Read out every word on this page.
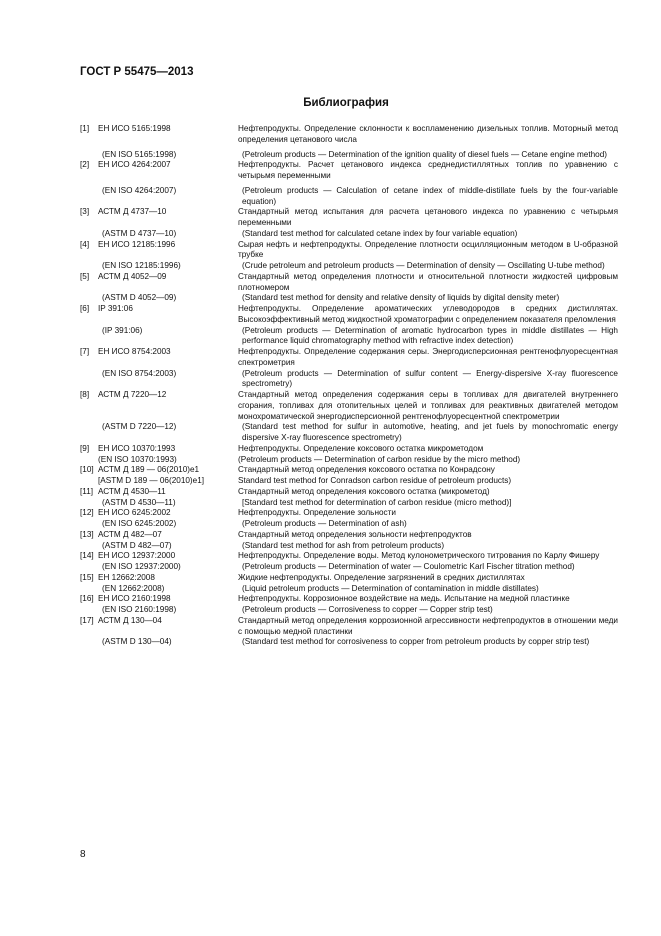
ГОСТ Р 55475—2013
Библиография
[1]	ЕН ИСО 5165:1998	Нефтепродукты. Определение склонности к воспламенению дизельных топлив. Моторный метод определения цетанового числа
(EN ISO 5165:1998)	(Petroleum products — Determination of the ignition quality of diesel fuels — Cetane engine method)
[2]	ЕН ИСО 4264:2007	Нефтепродукты. Расчет цетанового индекса среднедистиллятных топлив по уравнению с четырьмя переменными
(EN ISO 4264:2007)	(Petroleum products — Calculation of cetane index of middle-distillate fuels by the four-variable equation)
[3]	АСТМ Д 4737—10	Стандартный метод испытания для расчета цетанового индекса по уравнению с четырьмя переменными
(ASTM D 4737—10)	(Standard test method for calculated cetane index by four variable equation)
[4]	ЕН ИСО 12185:1996	Сырая нефть и нефтепродукты. Определение плотности осцилляционным методом в U-образной трубке
(EN ISO 12185:1996)	(Crude petroleum and petroleum products — Determination of density — Oscillating U-tube method)
[5]	АСТМ Д 4052—09	Стандартный метод определения плотности и относительной плотности жидкостей цифровым плотномером
(ASTM D 4052—09)	(Standard test method for density and relative density of liquids by digital density meter)
[6]	IP 391:06	Нефтепродукты. Определение ароматических углеводородов в средних дистиллятах. Высокоэффективный метод жидкостной хроматографии с определением показателя преломления
(IP 391:06)	(Petroleum products — Determination of aromatic hydrocarbon types in middle distillates — High performance liquid chromatography method with refractive index detection)
[7]	ЕН ИСО 8754:2003	Нефтепродукты. Определение содержания серы. Энергодисперсионная рентгенофлуоресцентная спектрометрия
(EN ISO 8754:2003)	(Petroleum products — Determination of sulfur content — Energy-dispersive X-ray fluorescence spectrometry)
[8]	АСТМ Д 7220—12	Стандартный метод определения содержания серы в топливах для двигателей внутреннего сгорания, топливах для отопительных целей и топливах для реактивных двигателей методом монохроматической энергодисперсионной рентгенофлуоресцентной спектрометрии
(ASTM D 7220—12)	(Standard test method for sulfur in automotive, heating, and jet fuels by monochromatic energy dispersive X-ray fluorescence spectrometry)
[9]	ЕН ИСО 10370:1993	Нефтепродукты. Определение коксового остатка микрометодом
(EN ISO 10370:1993)	(Petroleum products — Determination of carbon residue by the micro method)
[10] АСТМ Д 189 — 06(2010)е1	Стандартный метод определения коксового остатка по Конрадсону
[ASTM D 189 — 06(2010)e1]	Standard test method for Conradson carbon residue of petroleum products)
[11] АСТМ Д 4530—11	Стандартный метод определения коксового остатка (микрометод)
(ASTM D 4530—11)	[Standard test method for determination of carbon residue (micro method)]
[12] ЕН ИСО 6245:2002	Нефтепродукты. Определение зольности
(EN ISO 6245:2002)	(Petroleum products — Determination of ash)
[13] АСТМ Д 482—07	Стандартный метод определения зольности нефтепродуктов
(ASTM D 482—07)	(Standard test method for ash from petroleum products)
[14] ЕН ИСО 12937:2000	Нефтепродукты. Определение воды. Метод кулонометрического титрования по Карлу Фишеру
(EN ISO 12937:2000)	(Petroleum products — Determination of water — Coulometric Karl Fischer titration method)
[15] ЕН 12662:2008	Жидкие нефтепродукты. Определение загрязнений в средних дистиллятах
(EN 12662:2008)	(Liquid petroleum products — Determination of contamination in middle distillates)
[16] ЕН ИСО 2160:1998	Нефтепродукты. Коррозионное воздействие на медь. Испытание на медной пластинке
(EN ISO 2160:1998)	(Petroleum products — Corrosiveness to copper — Copper strip test)
[17] АСТМ Д 130—04	Стандартный метод определения коррозионной агрессивности нефтепродуктов в отношении меди с помощью медной пластинки
(ASTM D 130—04)	(Standard test method for corrosiveness to copper from petroleum products by copper strip test)
8
